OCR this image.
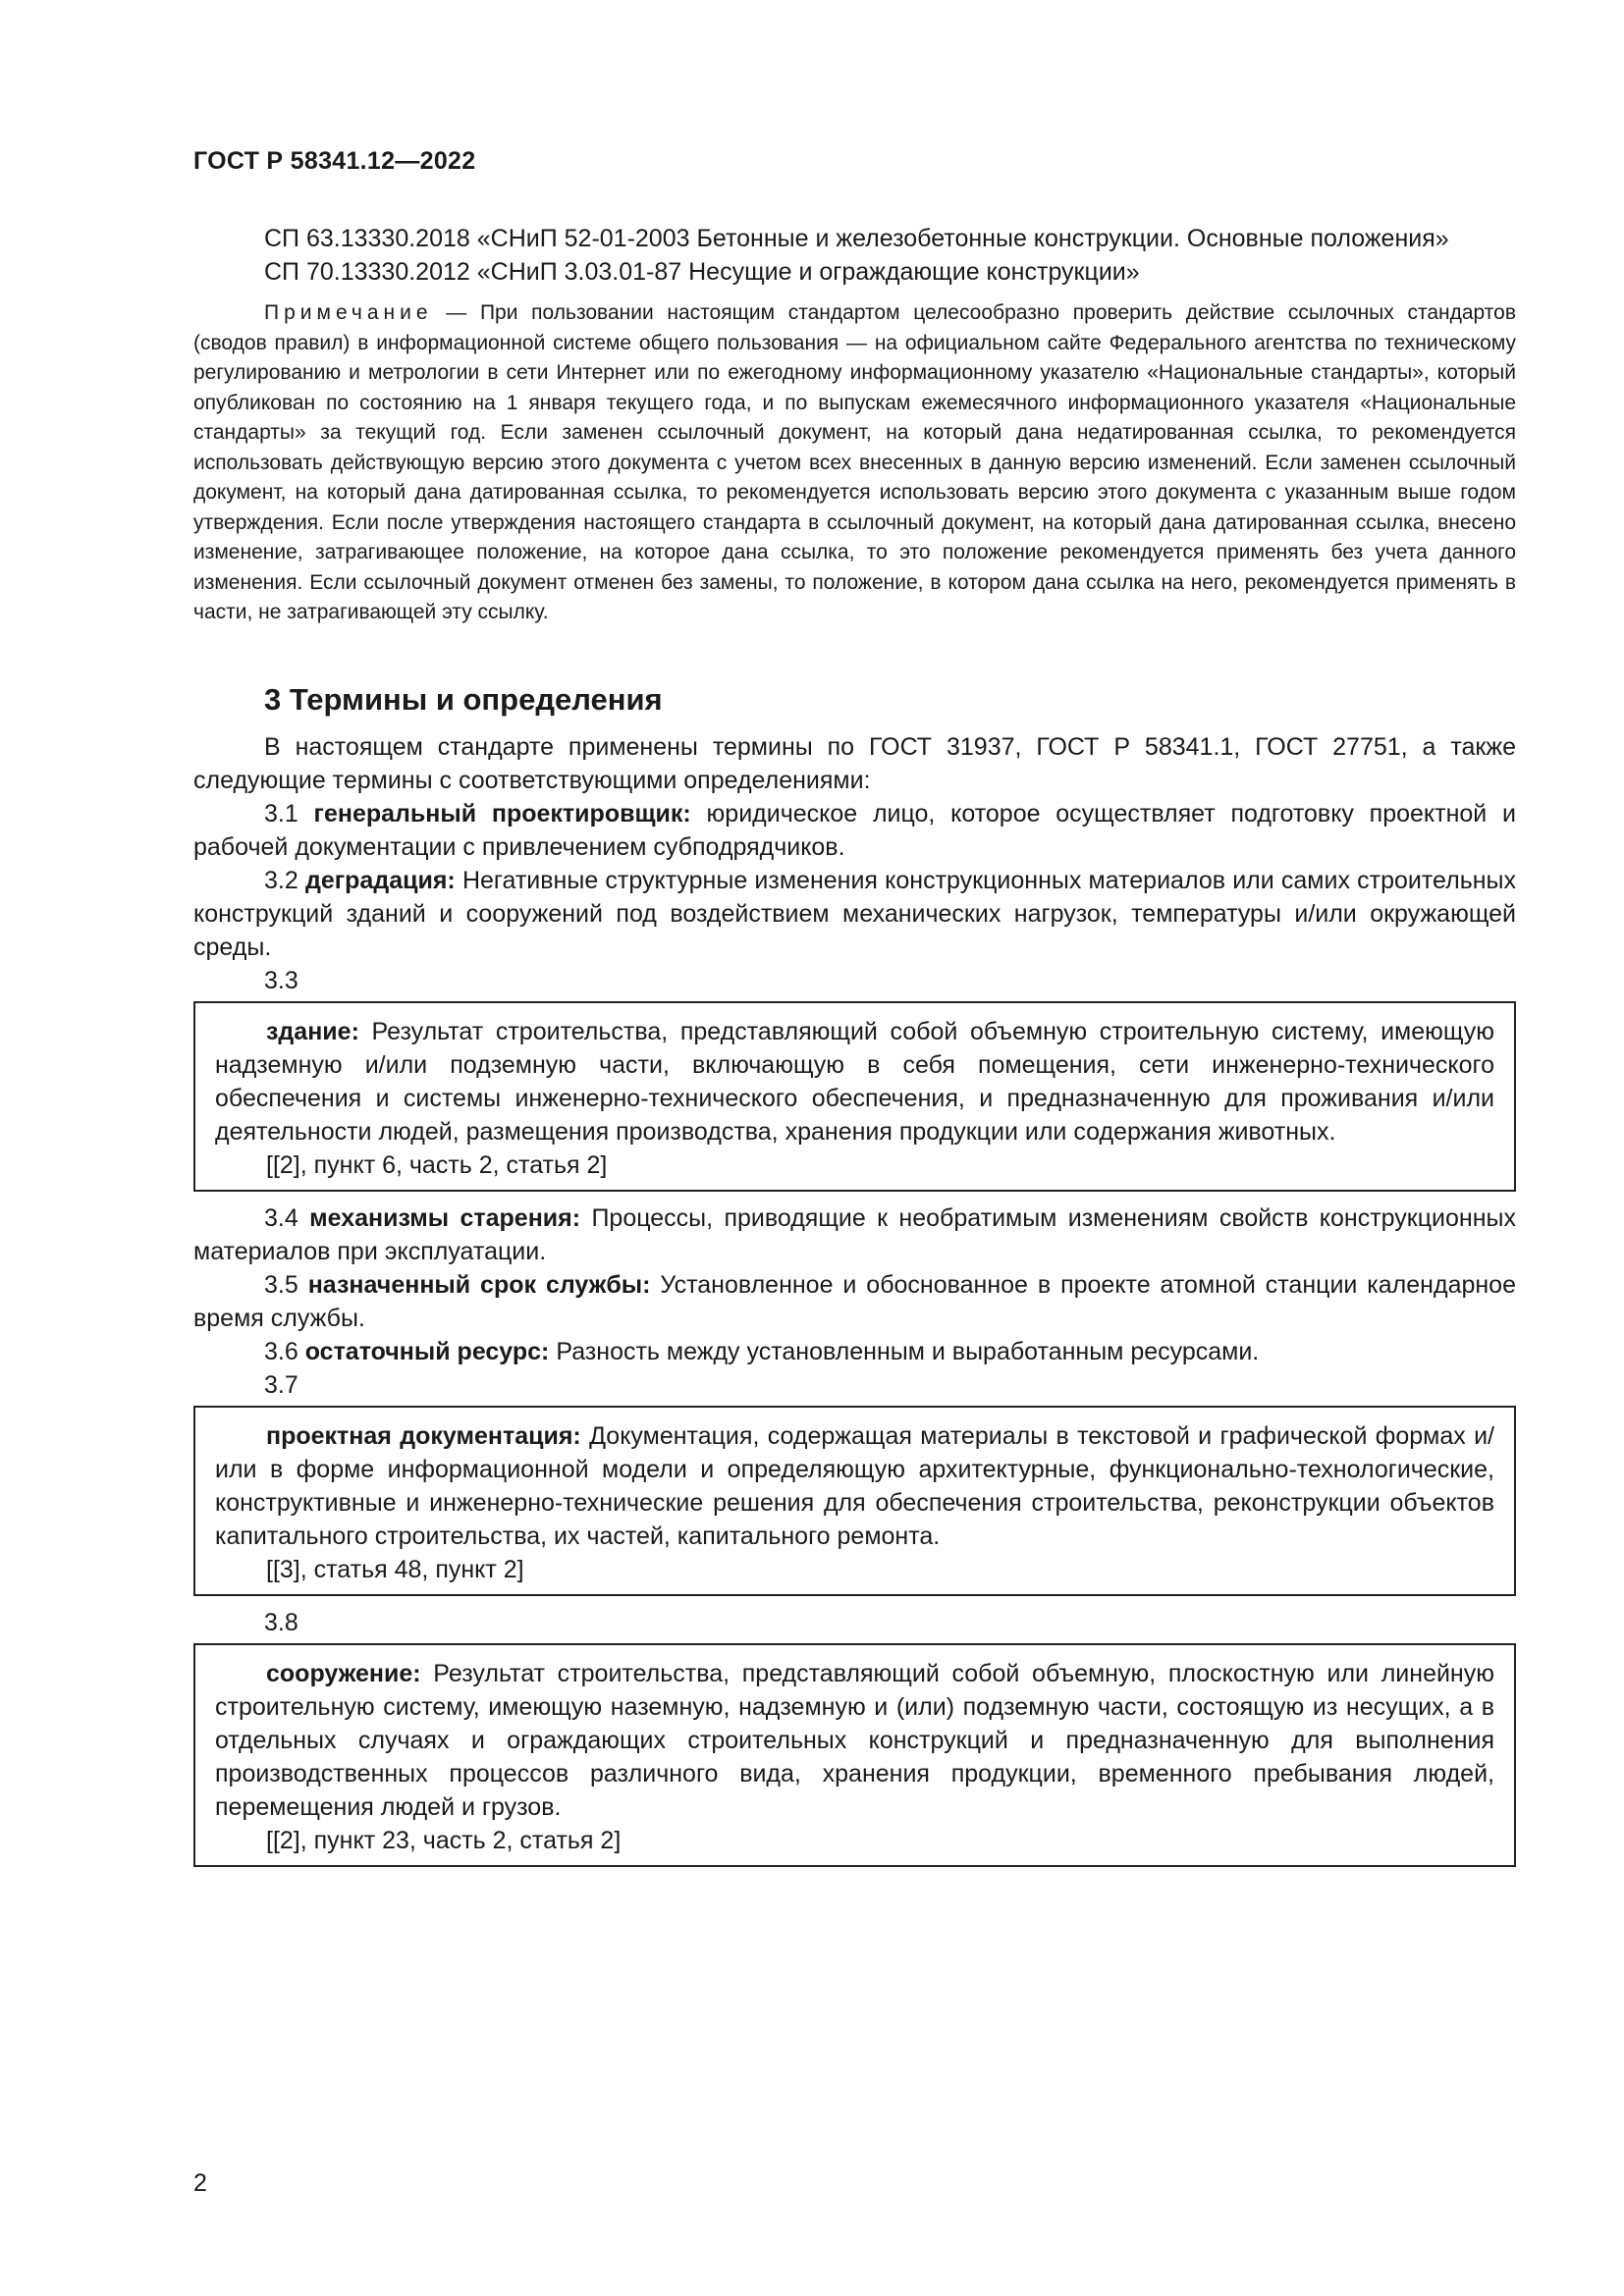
ГОСТ Р 58341.12—2022

СП 63.13330.2018 «СНиП 52-01-2003 Бетонные и железобетонные конструкции. Основные положения»

СП 70.13330.2012 «СНиП 3.03.01-87 Несущие и ограждающие конструкции»

Примечание — При пользовании настоящим стандартом целесообразно проверить действие ссылочных стандартов (сводов правил) в информационной системе общего пользования — на официальном сайте Федерального агентства по техническому регулированию и метрологии в сети Интернет или по ежегодному информационному указателю «Национальные стандарты», который опубликован по состоянию на 1 января текущего года, и по выпускам ежемесячного информационного указателя «Национальные стандарты» за текущий год. Если заменен ссылочный документ, на который дана недатированная ссылка, то рекомендуется использовать действующую версию этого документа с учетом всех внесенных в данную версию изменений. Если заменен ссылочный документ, на который дана датированная ссылка, то рекомендуется использовать версию этого документа с указанным выше годом утверждения. Если после утверждения настоящего стандарта в ссылочный документ, на который дана датированная ссылка, внесено изменение, затрагивающее положение, на которое дана ссылка, то это положение рекомендуется применять без учета данного изменения. Если ссылочный документ отменен без замены, то положение, в котором дана ссылка на него, рекомендуется применять в части, не затрагивающей эту ссылку.

3 Термины и определения

В настоящем стандарте применены термины по ГОСТ 31937, ГОСТ Р 58341.1, ГОСТ 27751, а также следующие термины с соответствующими определениями:

3.1 генеральный проектировщик: юридическое лицо, которое осуществляет подготовку проектной и рабочей документации с привлечением субподрядчиков.

3.2 деградация: Негативные структурные изменения конструкционных материалов или самих строительных конструкций зданий и сооружений под воздействием механических нагрузок, температуры и/или окружающей среды.

3.3

здание: Результат строительства, представляющий собой объемную строительную систему, имеющую надземную и/или подземную части, включающую в себя помещения, сети инженерно-технического обеспечения и системы инженерно-технического обеспечения, и предназначенную для проживания и/или деятельности людей, размещения производства, хранения продукции или содержания животных.

[[2], пункт 6, часть 2, статья 2]

3.4 механизмы старения: Процессы, приводящие к необратимым изменениям свойств конструкционных материалов при эксплуатации.

3.5 назначенный срок службы: Установленное и обоснованное в проекте атомной станции календарное время службы.

3.6 остаточный ресурс: Разность между установленным и выработанным ресурсами.

3.7

проектная документация: Документация, содержащая материалы в текстовой и графической формах и/или в форме информационной модели и определяющую архитектурные, функционально-технологические, конструктивные и инженерно-технические решения для обеспечения строительства, реконструкции объектов капитального строительства, их частей, капитального ремонта.

[[3], статья 48, пункт 2]

3.8

сооружение: Результат строительства, представляющий собой объемную, плоскостную или линейную строительную систему, имеющую наземную, надземную и (или) подземную части, состоящую из несущих, а в отдельных случаях и ограждающих строительных конструкций и предназначенную для выполнения производственных процессов различного вида, хранения продукции, временного пребывания людей, перемещения людей и грузов.

[[2], пункт 23, часть 2, статья 2]

2
